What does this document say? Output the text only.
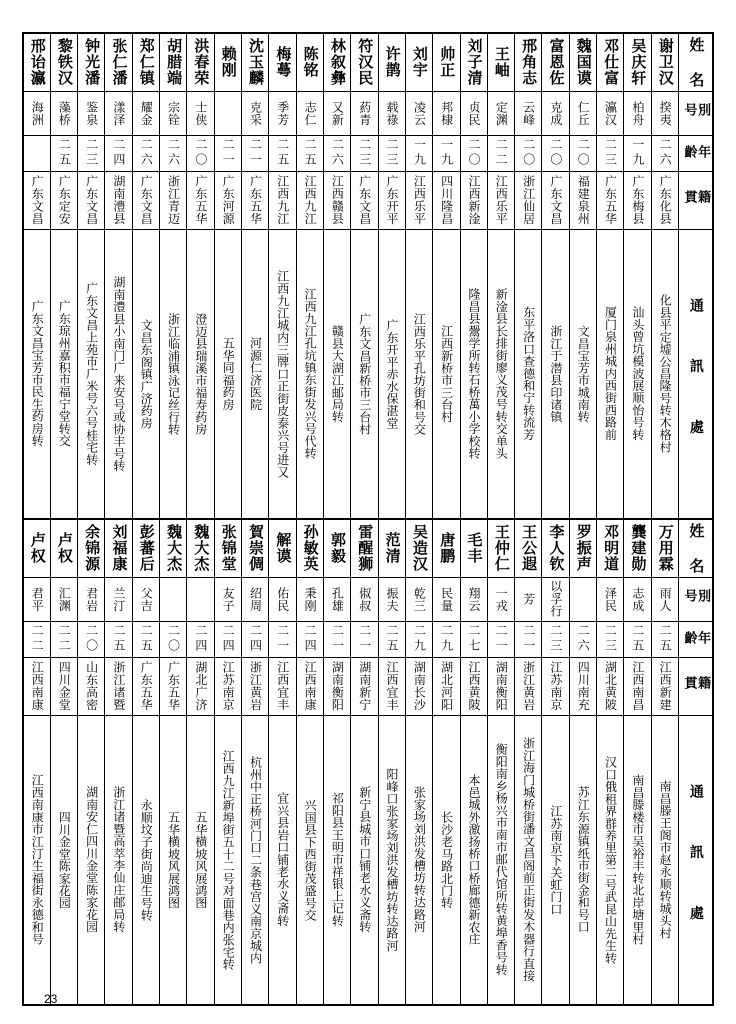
邢诒瀛	黎铁汉	钟光潘	张仁潘	郑仁镇	胡腊端	洪春荣	赖刚	沈玉麟	梅蕚	陈铭	林叙彝	符汉民	许鹊	刘宇	帅正	刘子清	王岫	邢角志	富恩佐	魏国谟	邓仕富	吴庆轩	谢卫汉	姓 名

海洲	藻桥	鉴泉	漾泽	耀金	宗铨	士侠		克采	季芳	志仁	又新	葯青	载祿	凌云	邦棣	贞民	定渊	云峰	克成	仁丘	瀛汉	柏舟	揆夷	別 号

	二五	二三	二四	二六	二六	二〇	二一	二一	二五	二五	二六	二三	二三	一九	一九	二〇	二二	二〇	二〇	二〇	二三	一九	二六	年 齡

广东文昌	广东定安	广东文昌	湖南澧县	广东文昌	浙江青迈	广东五华	广东河源	广东五华	江西九江	江西九江	江西赣县	广东文昌	广东开平	江西乐平	四川隆昌	江西新淦	江西乐平	浙江仙居	广东文昌	福建泉州	广东五华	广东梅县	广东化县	籍 貫

广东文昌宝芳市民生药房转	广东琼州嘉积市福宁堂转交	广东文昌上苑市广米号六号桂宅转	湖南澧县小南门广来安号或协丰号转	文昌东阁镇广济药房	浙江临浦镇泳记丝行转	澄迈县瑞溪市福寿药房	五华同福药房	河源仁济医院	江西九江城内三牌口正街皮泰兴号进又	江西九江孔坑镇东街发兴号代转	赣县大湖江邮局转	广东文昌新桥市三台村	广东开平赤水保湛堂	江西乐平孔坊街和号交	江西新桥市三台村	隆昌县鬶学所转石桥萬小学校转	新淦县长排街廖义茂号转交单头	东平洛口查德和宁转流芳	浙江于潜县印诸镇	文昌宝芳市城南转	厦门泉州城内西街西路前	汕头曾坑模波展顺怡号转	化县平定墟公昌隆号转木格村	通 訊 處
卢权	卢权	余锦源	刘福康	彭蕃后	魏大杰	魏大杰	张锦堂	賀崇倜	解谟	孙敏英	郭毅	雷醒狮	范清	吴造汉	唐鹏	毛丰	王仲仁	王公遐	李人钦	罗振声	邓明道	龔建勋	万用霖	姓 名

君平	汇渊	君岩	兰汀	父吉			友子	绍周	佑民	秉刚	孔雄	俶叔	振夫	乾三	民量	翔云	一戎	芳	以孚行		泽民	志成	雨人	別 号

二二	二二	二〇	二五	二五	二〇	二四	二四	二四	二一	二四	二一	二一	二五	二九	二九	二七	二一	二一	二三	二六	二三	二五	二五	年 齡

江西南康	四川金堂	山东高密	浙江诸暨	广东五华	广东五华	湖北广济	江苏南京	浙江黄岩	江西宜丰	江西南康	湖南衡阳	湖南新宁	江西宜丰	湖南长沙	湖北河阳	江西黄陂	湖南衡阳	浙江黄岩	江苏南京	四川南充	湖北黄陂	江西南昌	江西新建	籍 貫

江西南康市江汀生福街永德和号	四川金堂陈家花园	湖南安仁四川金堂陈家花园	浙江诸暨高萃李仙庄邮局转	永顺坟子街尚迪生号转	五华横坡风展鸿图	五华横坡风展鸿图	江西九江新埠街五十二号对面巷内张宅转	杭州中正桥河门口二条巷宫义南京城内	宜兴县岩口铺老水义斋转	兴国县下西街茂盛号交	祁阳县王明市祥银上记转	新宁县城市口铺老水义斋转	阳峰口张家场刘洪发槽坊转达路河	张家场刘洪发槽坊转达路河	长沙老马路北门转	本邑城外激扬桥口桥廊德新农庄	衡阳南乡杨兴市南市邮代馆所转黄埠香号转	浙江海门城桥街潘文昌阁前正街发木器行直接	江苏南京下关虹门口	苏江东源镇纸市街金和号口	汉口俄租界群养里第二号武昆山先生转	南昌滕楼市吴裕丰转北岸塘里村	南昌滕王阁市赵永顺转城头村	通 訊 處
23
